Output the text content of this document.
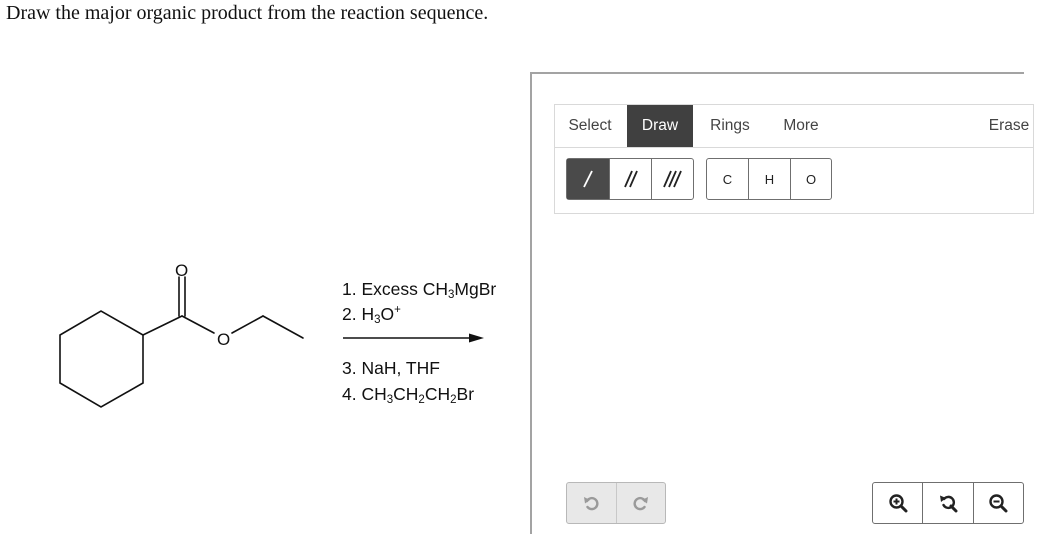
Draw the major organic product from the reaction sequence.
O
O
1. Excess $CH_3MgBr$
2. $H_3O^+$
3. NaH, THF
4. $CH_3CH_2CH_2Br$
Select	Draw	Rings	More	Erase
C	H	O
